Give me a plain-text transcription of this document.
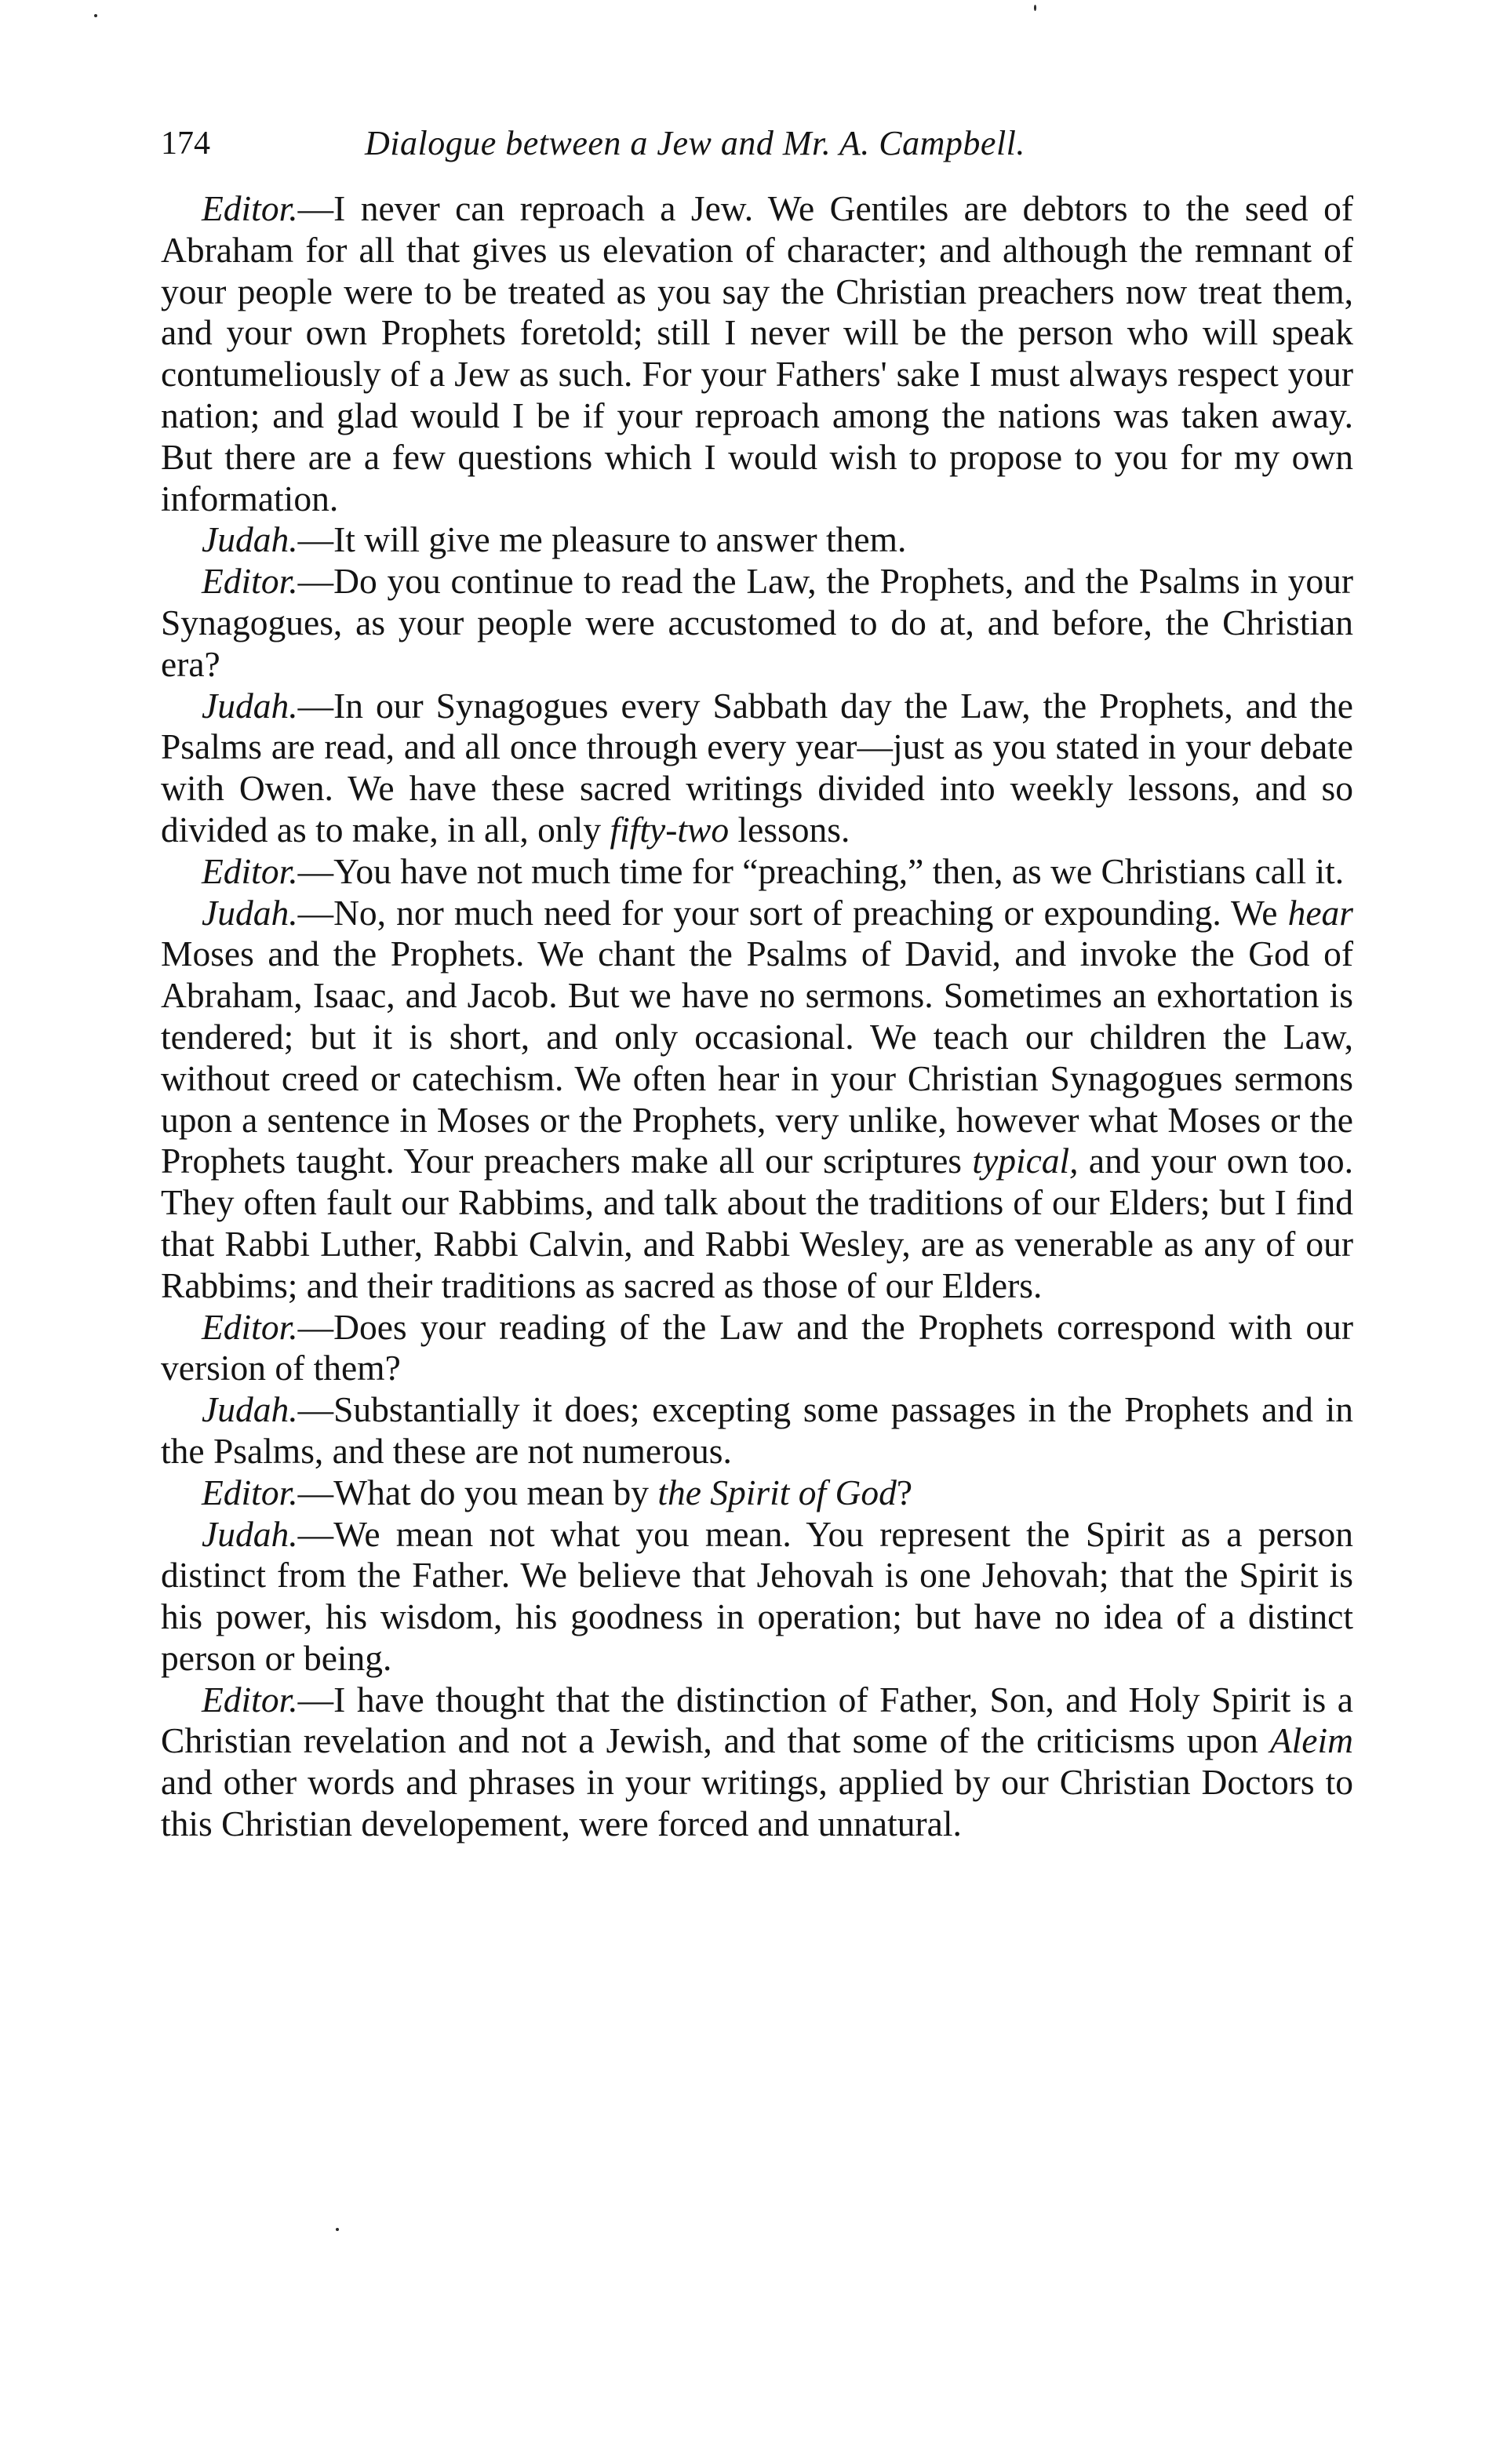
174	Dialogue between a Jew and Mr. A. Campbell.

Editor.—I never can reproach a Jew. We Gentiles are debtors to the seed of Abraham for all that gives us elevation of character; and although the remnant of your people were to be treated as you say the Christian preachers now treat them, and your own Prophets foretold; still I never will be the person who will speak contumeliously of a Jew as such. For your Fathers' sake I must always respect your nation; and glad would I be if your reproach among the nations was taken away. But there are a few questions which I would wish to propose to you for my own information.

Judah.—It will give me pleasure to answer them.

Editor.—Do you continue to read the Law, the Prophets, and the Psalms in your Synagogues, as your people were accustomed to do at, and before, the Christian era?

Judah.—In our Synagogues every Sabbath day the Law, the Prophets, and the Psalms are read, and all once through every year—just as you stated in your debate with Owen. We have these sacred writings divided into weekly lessons, and so divided as to make, in all, only fifty-two lessons.

Editor.—You have not much time for “preaching,” then, as we Christians call it.

Judah.—No, nor much need for your sort of preaching or expounding. We hear Moses and the Prophets. We chant the Psalms of David, and invoke the God of Abraham, Isaac, and Jacob. But we have no sermons. Sometimes an exhortation is tendered; but it is short, and only occasional. We teach our children the Law, without creed or catechism. We often hear in your Christian Synagogues sermons upon a sentence in Moses or the Prophets, very unlike, however what Moses or the Prophets taught. Your preachers make all our scriptures typical, and your own too. They often fault our Rabbims, and talk about the traditions of our Elders; but I find that Rabbi Luther, Rabbi Calvin, and Rabbi Wesley, are as venerable as any of our Rabbims; and their traditions as sacred as those of our Elders.

Editor.—Does your reading of the Law and the Prophets correspond with our version of them?

Judah.—Substantially it does; excepting some passages in the Prophets and in the Psalms, and these are not numerous.

Editor.—What do you mean by the Spirit of God?

Judah.—We mean not what you mean. You represent the Spirit as a person distinct from the Father. We believe that Jehovah is one Jehovah; that the Spirit is his power, his wisdom, his goodness in operation; but have no idea of a distinct person or being.

Editor.—I have thought that the distinction of Father, Son, and Holy Spirit is a Christian revelation and not a Jewish, and that some of the criticisms upon Aleim and other words and phrases in your writings, applied by our Christian Doctors to this Christian developement, were forced and unnatural.
